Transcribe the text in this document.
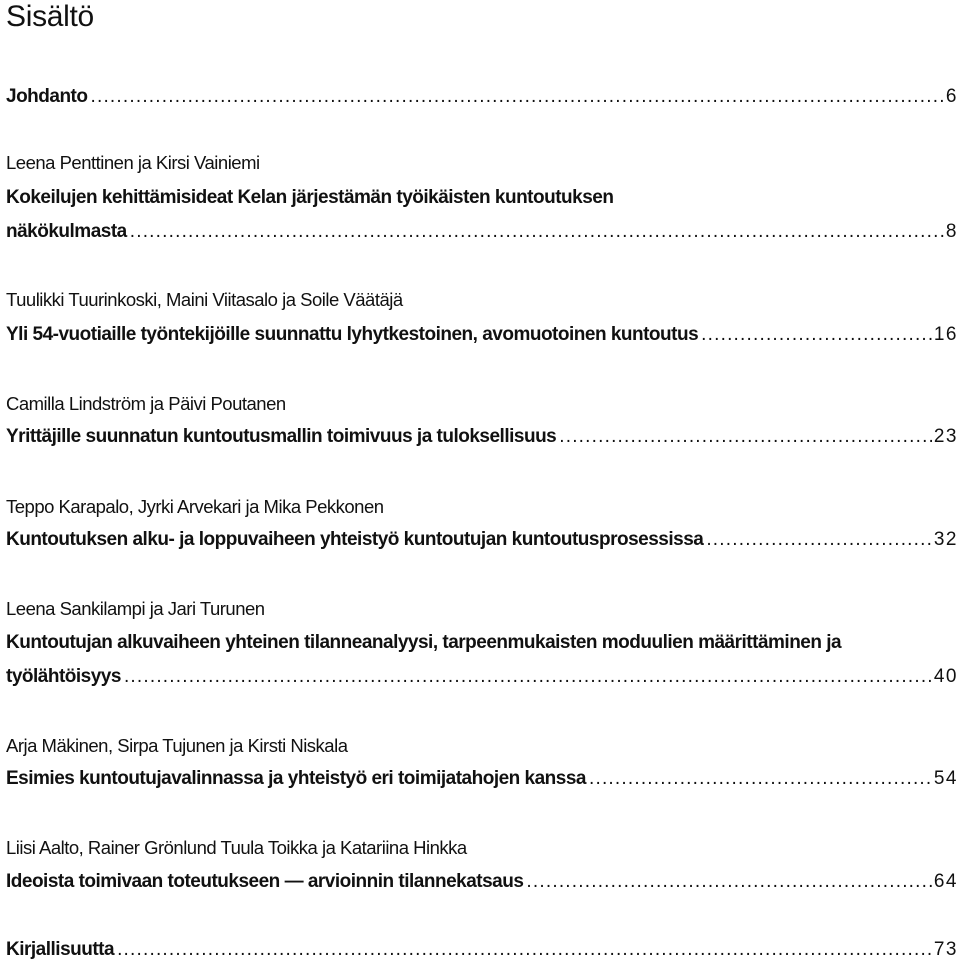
Sisältö
Johdanto .....	6
Leena Penttinen ja Kirsi Vainiemi
Kokeilujen kehittämisideat Kelan järjestämän työikäisten kuntoutuksen
näkökulmasta .....	8
Tuulikki Tuurinkoski, Maini Viitasalo ja Soile Väätäjä
Yli 54-vuotiaille työntekijöille suunnattu lyhytkestoinen, avomuotoinen kuntoutus .....	16
Camilla Lindström ja Päivi Poutanen
Yrittäjille suunnatun kuntoutusmallin toimivuus ja tuloksellisuus .....	23
Teppo Karapalo, Jyrki Arvekari ja Mika Pekkonen
Kuntoutuksen alku- ja loppuvaiheen yhteistyö kuntoutujan kuntoutusprosessissa .....	32
Leena Sankilampi ja Jari Turunen
Kuntoutujan alkuvaiheen yhteinen tilanneanalyysi, tarpeenmukaisten moduulien määrittäminen ja
työlähtöisyys .....	40
Arja Mäkinen, Sirpa Tujunen ja Kirsti Niskala
Esimies kuntoutujavalinnassa ja yhteistyö eri toimijatahojen kanssa .....	54
Liisi Aalto, Rainer Grönlund Tuula Toikka ja Katariina Hinkka
Ideoista toimivaan toteutukseen — arvioinnin tilannekatsaus .....	64
Kirjallisuutta .....	73
